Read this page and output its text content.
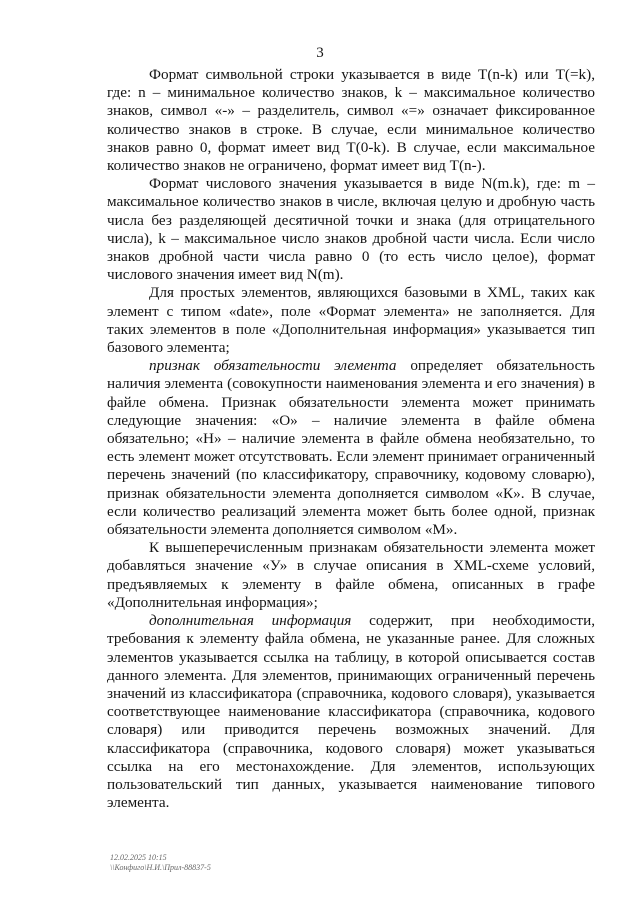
3

Формат символьной строки указывается в виде T(n-k) или T(=k), где: n – минимальное количество знаков, k – максимальное количество знаков, символ «-» – разделитель, символ «=» означает фиксированное количество знаков в строке. В случае, если минимальное количество знаков равно 0, формат имеет вид T(0-k). В случае, если максимальное количество знаков не ограничено, формат имеет вид T(n-).

Формат числового значения указывается в виде N(m.k), где: m – максимальное количество знаков в числе, включая целую и дробную часть числа без разделяющей десятичной точки и знака (для отрицательного числа), k – максимальное число знаков дробной части числа. Если число знаков дробной части числа равно 0 (то есть число целое), формат числового значения имеет вид N(m).

Для простых элементов, являющихся базовыми в XML, таких как элемент с типом «date», поле «Формат элемента» не заполняется. Для таких элементов в поле «Дополнительная информация» указывается тип базового элемента;

признак обязательности элемента определяет обязательность наличия элемента (совокупности наименования элемента и его значения) в файле обмена. Признак обязательности элемента может принимать следующие значения: «О» – наличие элемента в файле обмена обязательно; «Н» – наличие элемента в файле обмена необязательно, то есть элемент может отсутствовать. Если элемент принимает ограниченный перечень значений (по классификатору, справочнику, кодовому словарю), признак обязательности элемента дополняется символом «К». В случае, если количество реализаций элемента может быть более одной, признак обязательности элемента дополняется символом «М».

К вышеперечисленным признакам обязательности элемента может добавляться значение «У» в случае описания в XML-схеме условий, предъявляемых к элементу в файле обмена, описанных в графе «Дополнительная информация»;

дополнительная информация содержит, при необходимости, требования к элементу файла обмена, не указанные ранее. Для сложных элементов указывается ссылка на таблицу, в которой описывается состав данного элемента. Для элементов, принимающих ограниченный перечень значений из классификатора (справочника, кодового словаря), указывается соответствующее наименование классификатора (справочника, кодового словаря) или приводится перечень возможных значений. Для классификатора (справочника, кодового словаря) может указываться ссылка на его местонахождение. Для элементов, использующих пользовательский тип данных, указывается наименование типового элемента.

12.02.2025 10:15
\\Конфиго\Н.И.\Прил-88837-5
